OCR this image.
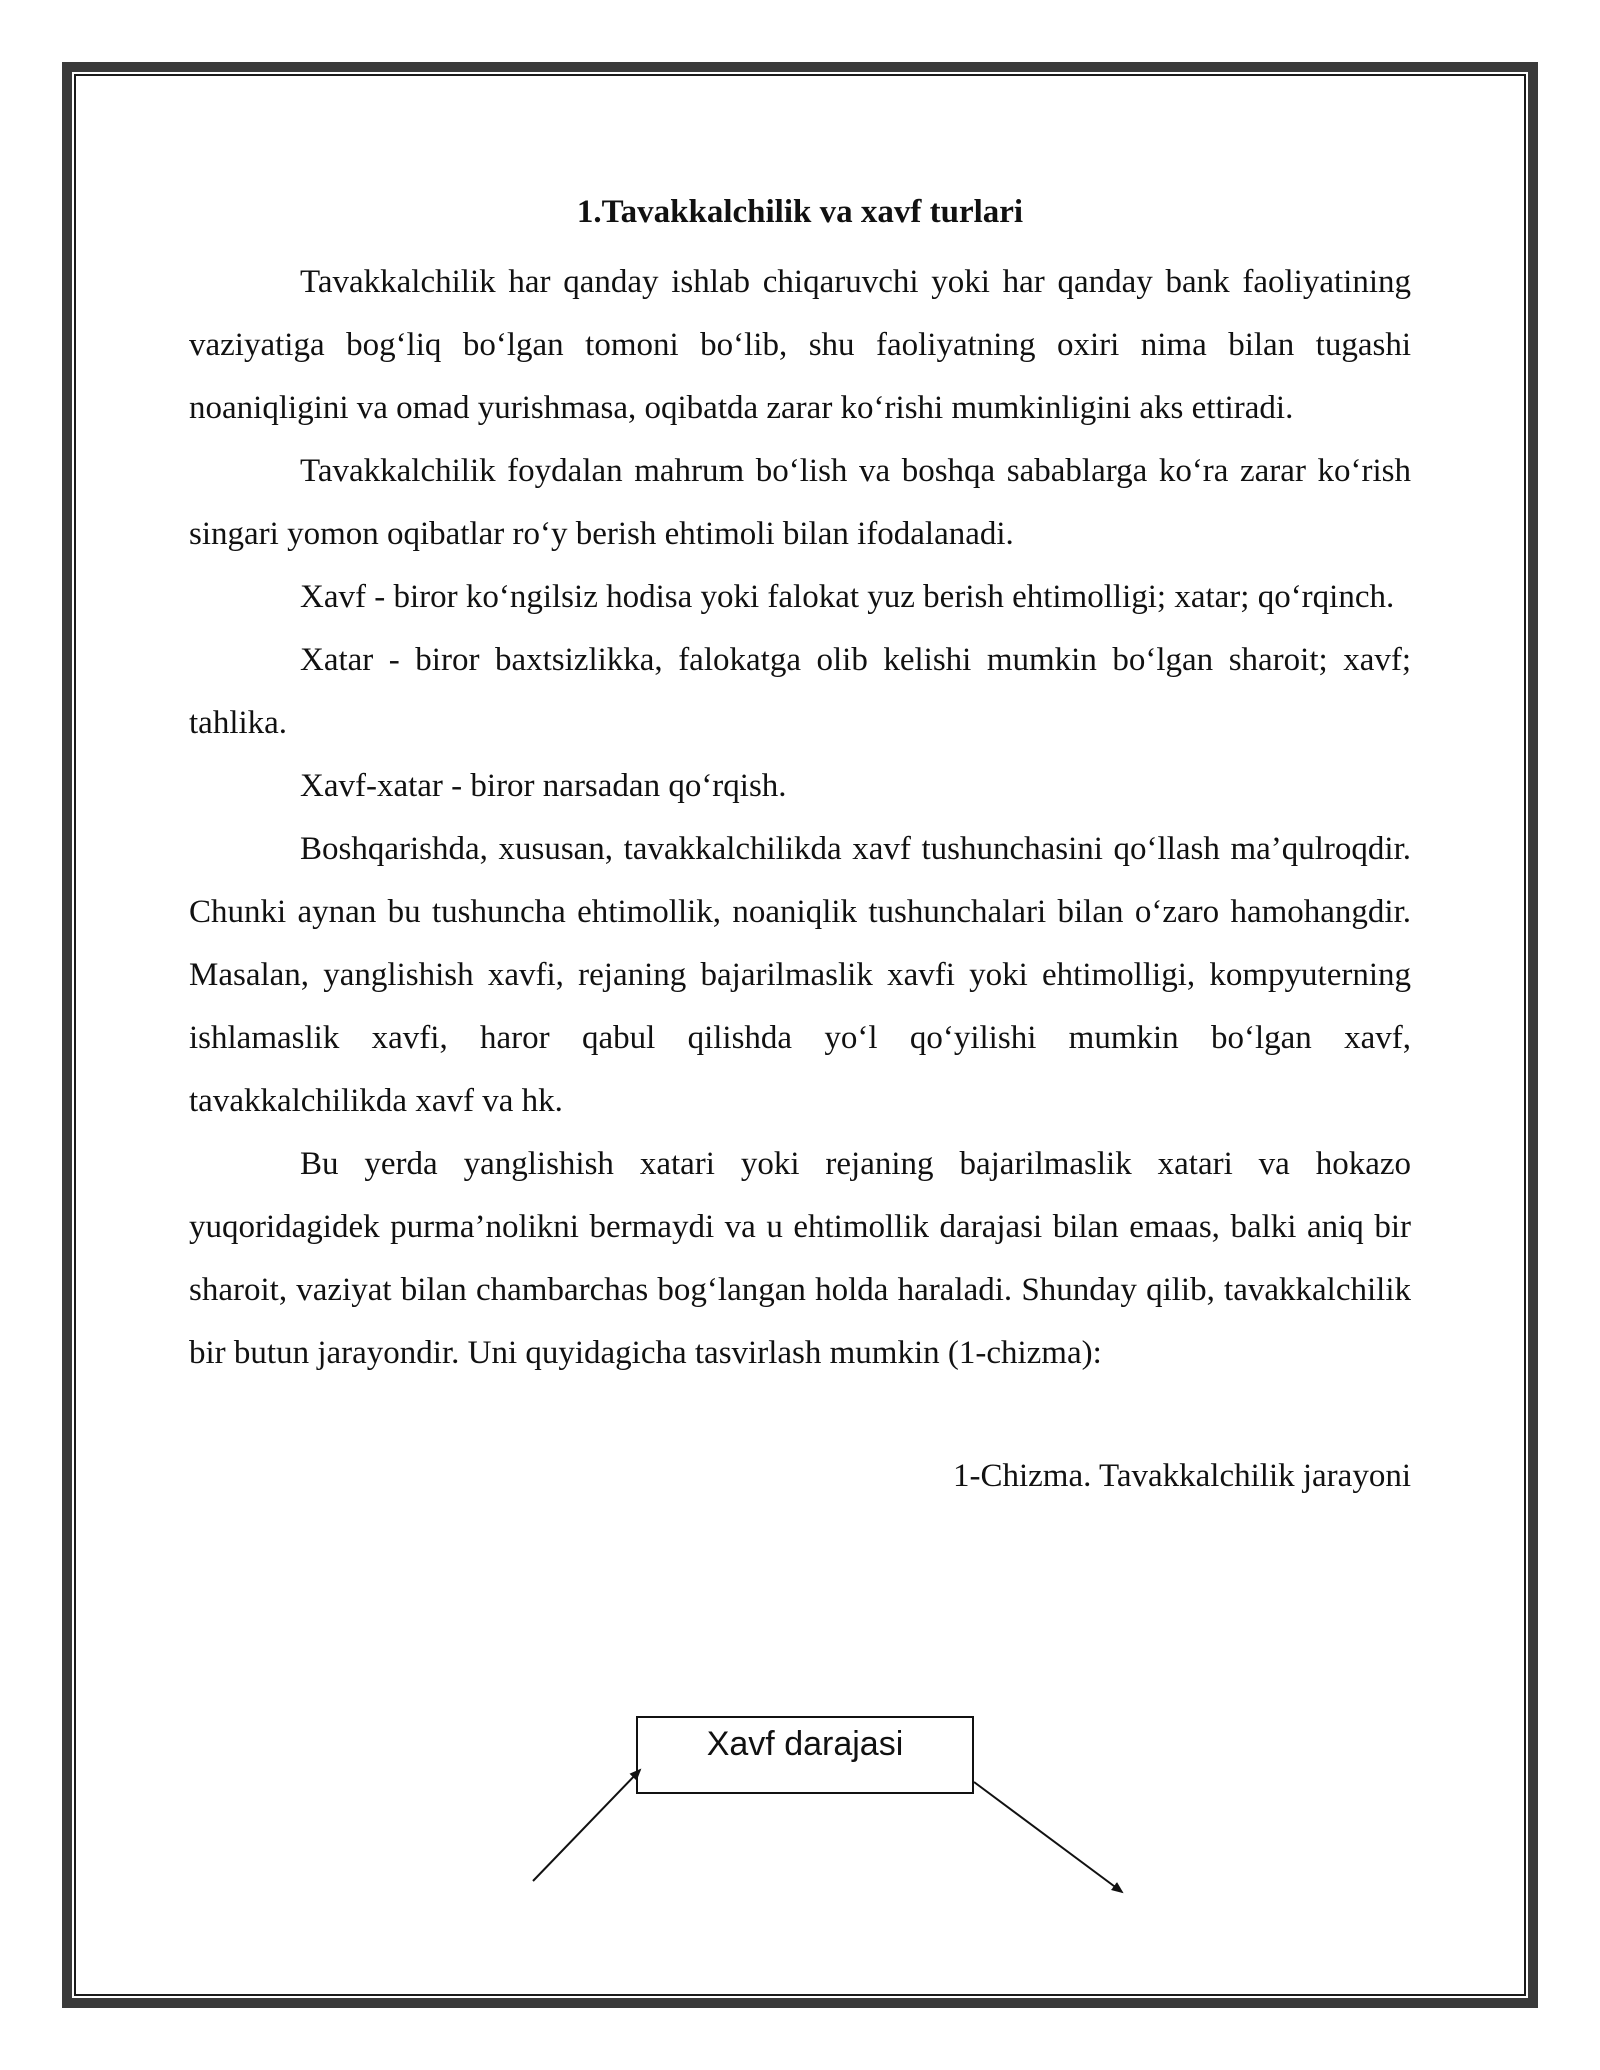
1.Tavakkalchilik va xavf turlari

Tavakkalchilik har qanday ishlab chiqaruvchi yoki har qanday bank faoliyatining vaziyatiga bog‘liq bo‘lgan tomoni bo‘lib, shu faoliyatning oxiri nima bilan tugashi noaniqligini va omad yurishmasa, oqibatda zarar ko‘rishi mumkinligini aks ettiradi.

Tavakkalchilik foydalan mahrum bo‘lish va boshqa sabablarga ko‘ra zarar ko‘rish singari yomon oqibatlar ro‘y berish ehtimoli bilan ifodalanadi.

Xavf - biror ko‘ngilsiz hodisa yoki falokat yuz berish ehtimolligi; xatar; qo‘rqinch.

Xatar - biror baxtsizlikka, falokatga olib kelishi mumkin bo‘lgan sharoit; xavf; tahlika.

Xavf-xatar - biror narsadan qo‘rqish.

Boshqarishda, xususan, tavakkalchilikda xavf tushunchasini qo‘llash ma’qulroqdir. Chunki aynan bu tushuncha ehtimollik, noaniqlik tushunchalari bilan o‘zaro hamohangdir. Masalan, yanglishish xavfi, rejaning bajarilmaslik xavfi yoki ehtimolligi, kompyuterning ishlamaslik xavfi, haror qabul qilishda yo‘l qo‘yilishi mumkin bo‘lgan xavf, tavakkalchilikda xavf va hk.

Bu yerda yanglishish xatari yoki rejaning bajarilmaslik xatari va hokazo yuqoridagidek purma’nolikni bermaydi va u ehtimollik darajasi bilan emaas, balki aniq bir sharoit, vaziyat bilan chambarchas bog‘langan holda haraladi. Shunday qilib, tavakkalchilik bir butun jarayondir. Uni quyidagicha tasvirlash mumkin (1-chizma):

1-Chizma. Tavakkalchilik jarayoni
Xavf darajasi
